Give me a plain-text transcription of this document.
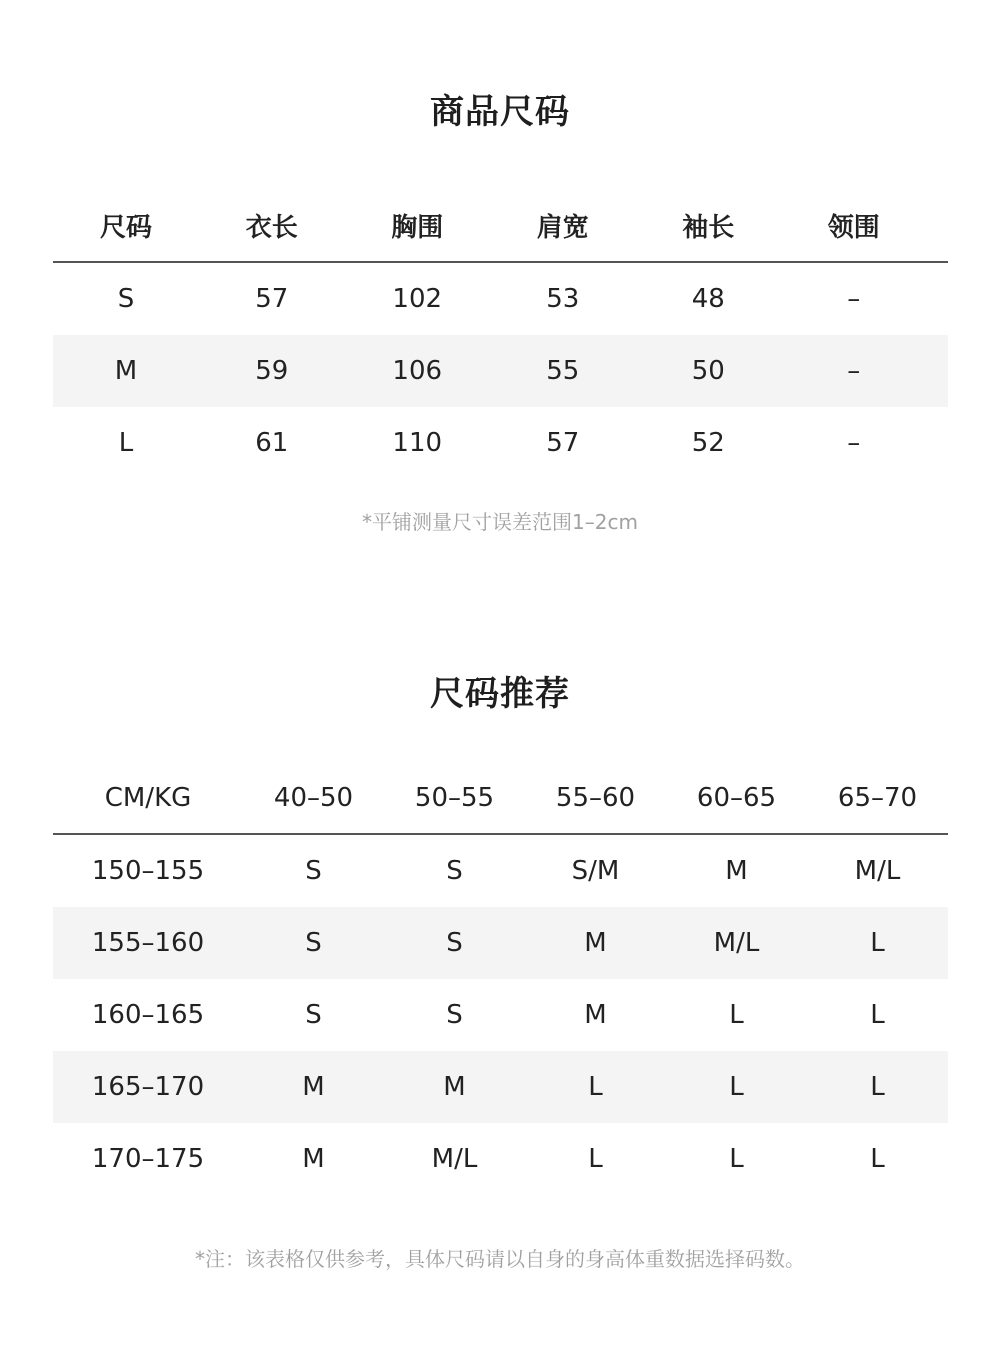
商品尺码
尺码	衣长	胸围	肩宽	袖长	领围
S	57	102	53	48	–
M	59	106	55	50	–
L	61	110	57	52	–
*平铺测量尺寸误差范围1–2cm
尺码推荐
CM/KG	40–50	50–55	55–60	60–65	65–70
150–155	S	S	S/M	M	M/L
155–160	S	S	M	M/L	L
160–165	S	S	M	L	L
165–170	M	M	L	L	L
170–175	M	M/L	L	L	L
*注：该表格仅供参考，具体尺码请以自身的身高体重数据选择码数。
